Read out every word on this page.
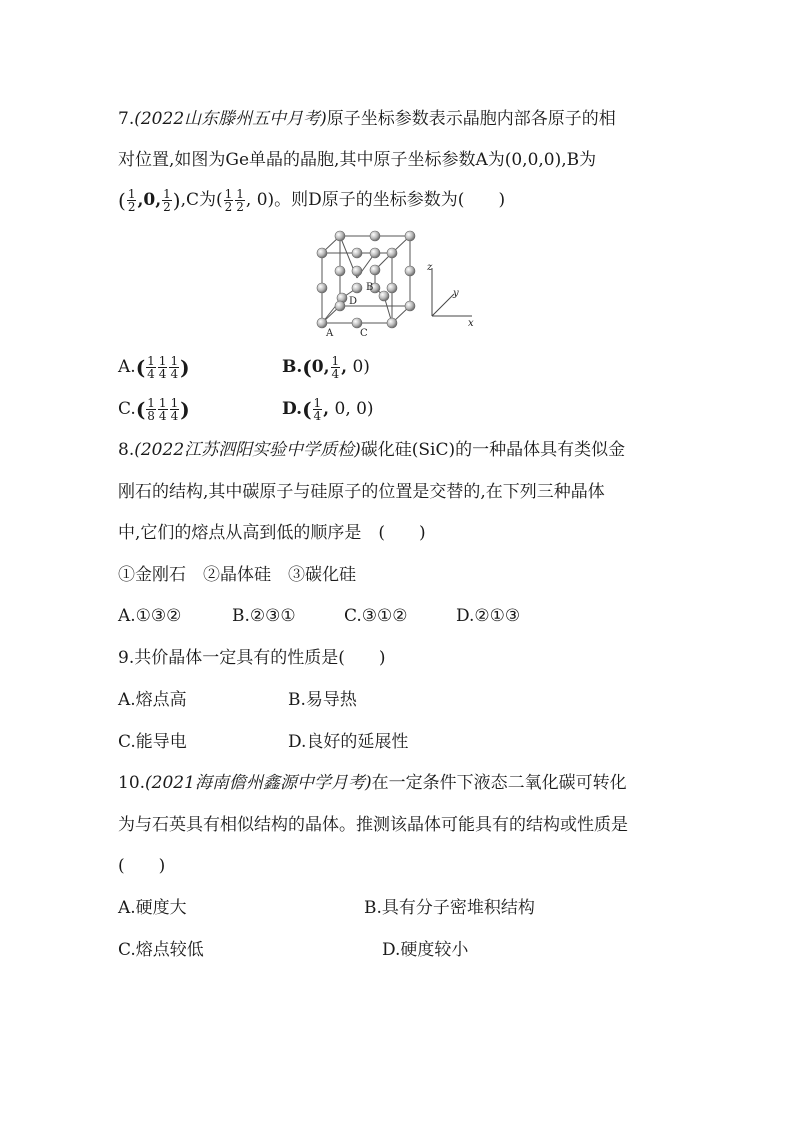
7.(2022山东滕州五中月考)原子坐标参数表示晶胞内部各原子的相
对位置,如图为Ge单晶的晶胞,其中原子坐标参数A为(0,0,0),B为
( $\frac{1}{2} ,0$, $\frac{1}{2} ),C$为( $\frac{1}{2} \frac{1}{2}$ , 0)。则D原子的坐标参数为(　　)
A
B
C
D
z
y
x
$A.( \frac{1}{4} \frac{1}{4} \frac{1}{4}$ )	B.(0, $\frac{1}{4}$ , 0)
$C.( \frac{1}{8} \frac{1}{4} \frac{1}{4}$ )	$D.( \frac{1}{4}$ , 0, 0)
8.(2022江苏泗阳实验中学质检)碳化硅(SiC)的一种晶体具有类似金
刚石的结构,其中碳原子与硅原子的位置是交替的,在下列三种晶体
中,它们的熔点从高到低的顺序是　(　　)
①金刚石　②晶体硅　③碳化硅
A.①③②	B.②③①	C.③①②	D.②①③
9.共价晶体一定具有的性质是(　　)
A.熔点高	B.易导热
C.能导电	D.良好的延展性
10.(2021海南儋州鑫源中学月考)在一定条件下液态二氧化碳可转化
为与石英具有相似结构的晶体。推测该晶体可能具有的结构或性质是
(　　)
A.硬度大	B.具有分子密堆积结构
C.熔点较低	D.硬度较小
